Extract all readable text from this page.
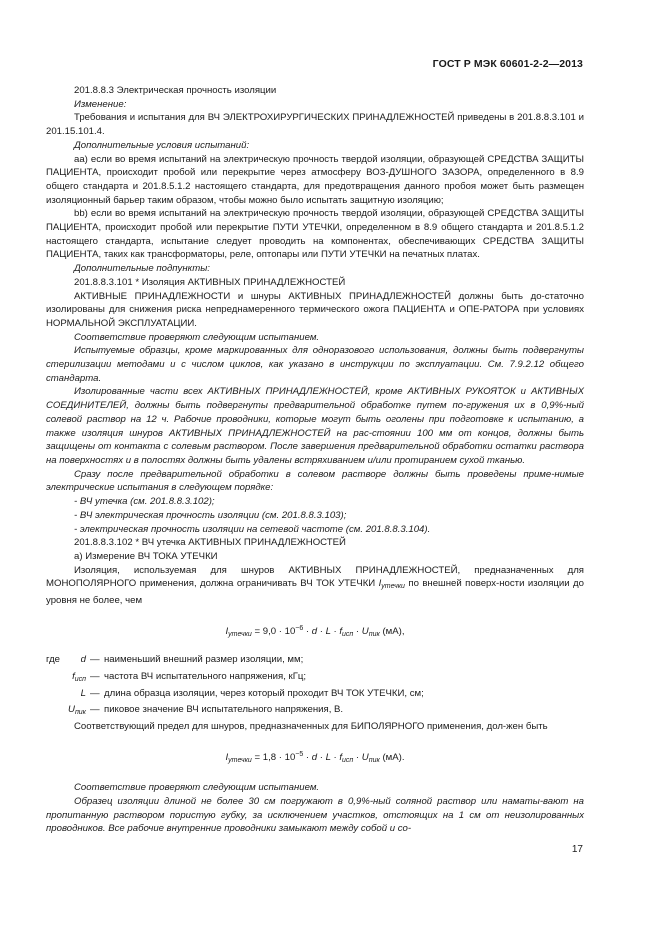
ГОСТ Р МЭК 60601-2-2—2013

201.8.8.3 Электрическая прочность изоляции

Изменение:

Требования и испытания для ВЧ ЭЛЕКТРОХИРУРГИЧЕСКИХ ПРИНАДЛЕЖНОСТЕЙ приведены в 201.8.8.3.101 и 201.15.101.4.

Дополнительные условия испытаний:

aa) если во время испытаний на электрическую прочность твердой изоляции, образующей СРЕДСТВА ЗАЩИТЫ ПАЦИЕНТА, происходит пробой или перекрытие через атмосферу ВОЗ-ДУШНОГО ЗАЗОРА, определенного в 8.9 общего стандарта и 201.8.5.1.2 настоящего стандарта, для предотвращения данного пробоя может быть размещен изоляционный барьер таким образом, чтобы можно было испытать защитную изоляцию;

bb) если во время испытаний на электрическую прочность твердой изоляции, образующей СРЕДСТВА ЗАЩИТЫ ПАЦИЕНТА, происходит пробой или перекрытие ПУТИ УТЕЧКИ, определенном в 8.9 общего стандарта и 201.8.5.1.2 настоящего стандарта, испытание следует проводить на компонентах, обеспечивающих СРЕДСТВА ЗАЩИТЫ ПАЦИЕНТА, таких как трансформаторы, реле, оптопары или ПУТИ УТЕЧКИ на печатных платах.

Дополнительные подпункты:

201.8.8.3.101 * Изоляция АКТИВНЫХ ПРИНАДЛЕЖНОСТЕЙ

АКТИВНЫЕ ПРИНАДЛЕЖНОСТИ и шнуры АКТИВНЫХ ПРИНАДЛЕЖНОСТЕЙ должны быть до-статочно изолированы для снижения риска непреднамеренного термического ожога ПАЦИЕНТА и ОПЕ-РАТОРА при условиях НОРМАЛЬНОЙ ЭКСПЛУАТАЦИИ.

Соответствие проверяют следующим испытанием.

Испытуемые образцы, кроме маркированных для одноразового использования, должны быть подвергнуты стерилизации методами и с числом циклов, как указано в инструкции по эксплуатации. См. 7.9.2.12 общего стандарта.

Изолированные части всех АКТИВНЫХ ПРИНАДЛЕЖНОСТЕЙ, кроме АКТИВНЫХ РУКОЯТОК и АКТИВНЫХ СОЕДИНИТЕЛЕЙ, должны быть подвергнуты предварительной обработке путем по-гружения их в 0,9%-ный солевой раствор на 12 ч. Рабочие проводники, которые могут быть оголены при подготовке к испытанию, а также изоляция шнуров АКТИВНЫХ ПРИНАДЛЕЖНОСТЕЙ на рас-стоянии 100 мм от концов, должны быть защищены от контакта с солевым раствором. После завершения предварительной обработки остатки раствора на поверхностях и в полостях должны быть удалены встряхиванием и/или протиранием сухой тканью.

Сразу после предварительной обработки в солевом растворе должны быть проведены приме-нимые электрические испытания в следующем порядке:

- ВЧ утечка (см. 201.8.8.3.102);

- ВЧ электрическая прочность изоляции (см. 201.8.8.3.103);

- электрическая прочность изоляции на сетевой частоте (см. 201.8.8.3.104).

201.8.8.3.102 * ВЧ утечка АКТИВНЫХ ПРИНАДЛЕЖНОСТЕЙ

а) Измерение ВЧ ТОКА УТЕЧКИ

Изоляция, используемая для шнуров АКТИВНЫХ ПРИНАДЛЕЖНОСТЕЙ, предназначенных для МОНОПОЛЯРНОГО применения, должна ограничивать ВЧ ТОК УТЕЧКИ $I_{утечки}$ по внешней поверх-ности изоляции до уровня не более, чем

$I_{утечки} = 9,0 \cdot 10^{-6} \cdot d \cdot L \cdot f_{исп} \cdot U_{пик}$ (мА),

где	d — наименьший внешний размер изоляции, мм;
$f_{исп}$ — частота ВЧ испытательного напряжения, кГц;
L — длина образца изоляции, через который проходит ВЧ ТОК УТЕЧКИ, см;
$U_{пик}$ — пиковое значение ВЧ испытательного напряжения, В.

Соответствующий предел для шнуров, предназначенных для БИПОЛЯРНОГО применения, дол-жен быть

$I_{утечки} = 1,8 \cdot 10^{-5} \cdot d \cdot L \cdot f_{исп} \cdot U_{пик}$ (мА).

Соответствие проверяют следующим испытанием.

Образец изоляции длиной не более 30 см погружают в 0,9%-ный соляной раствор или наматы-вают на пропитанную раствором пористую губку, за исключением участков, отстоящих на 1 см от неизолированных проводников. Все рабочие внутренние проводники замыкают между собой и со-

17
